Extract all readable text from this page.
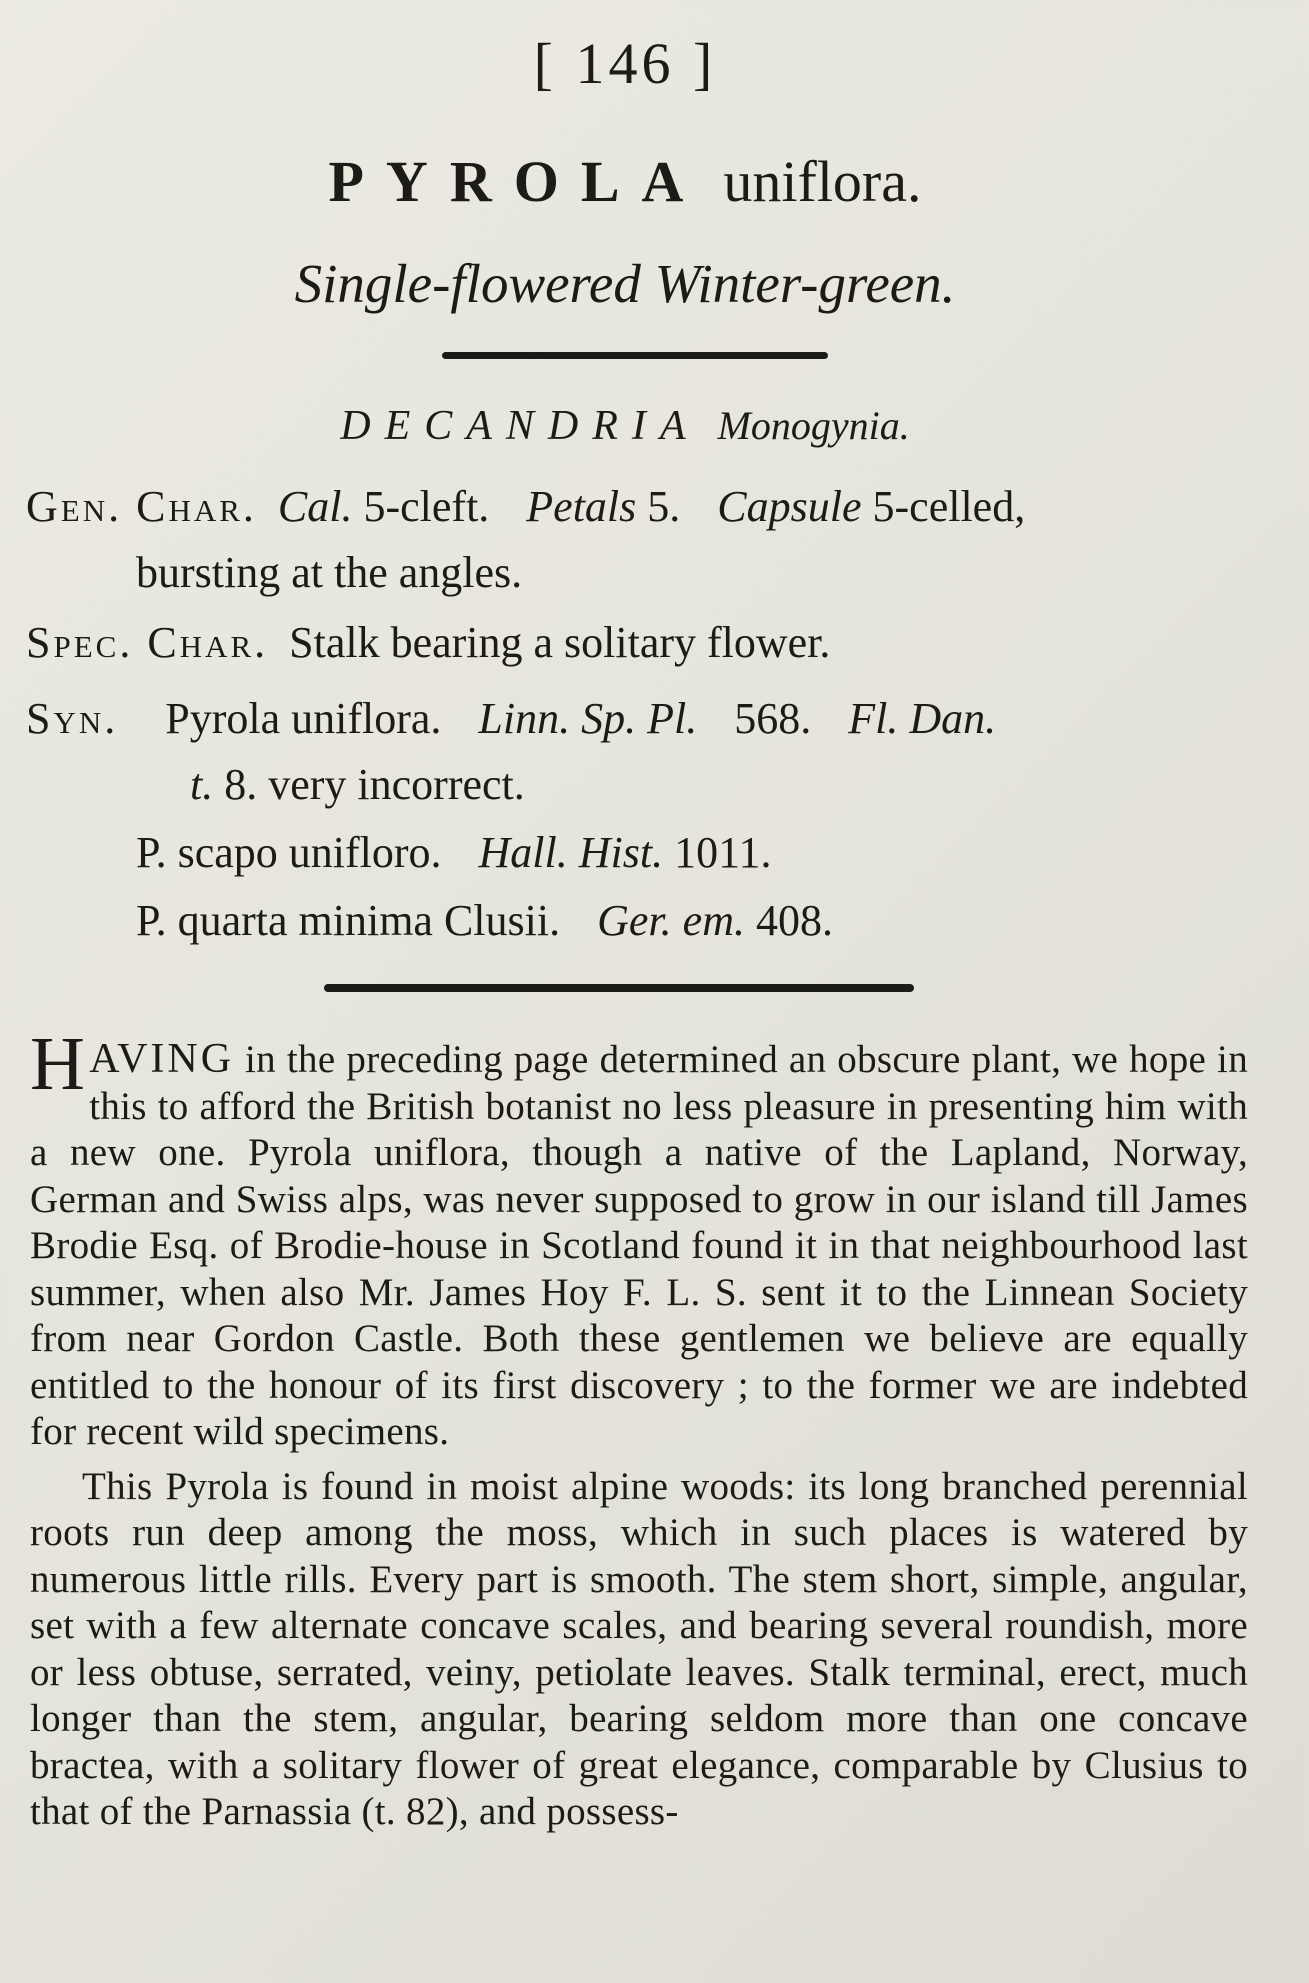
[ 146 ]
PYROLA uniflora.
Single-flowered Winter-green.
DECANDRIA Monogynia.
Gen. Char. Cal. 5-cleft. Petals 5. Capsule 5-celled,
bursting at the angles.
Spec. Char. Stalk bearing a solitary flower.
Syn. Pyrola uniflora. Linn. Sp. Pl. 568. Fl. Dan.
t. 8. very incorrect.
P. scapo unifloro. Hall. Hist. 1011.
P. quarta minima Clusii. Ger. em. 408.

HAVING in the preceding page determined an obscure plant, we hope in this to afford the British botanist no less pleasure in presenting him with a new one. Pyrola uniflora, though a native of the Lapland, Norway, German and Swiss alps, was never supposed to grow in our island till James Brodie Esq. of Brodie-house in Scotland found it in that neighbourhood last summer, when also Mr. James Hoy F. L. S. sent it to the Linnean Society from near Gordon Castle. Both these gentlemen we believe are equally entitled to the honour of its first discovery ; to the former we are indebted for recent wild specimens.

This Pyrola is found in moist alpine woods: its long branched perennial roots run deep among the moss, which in such places is watered by numerous little rills. Every part is smooth. The stem short, simple, angular, set with a few alternate concave scales, and bearing several roundish, more or less obtuse, serrated, veiny, petiolate leaves. Stalk terminal, erect, much longer than the stem, angular, bearing seldom more than one concave bractea, with a solitary flower of great elegance, comparable by Clusius to that of the Parnassia (t. 82), and possess-
